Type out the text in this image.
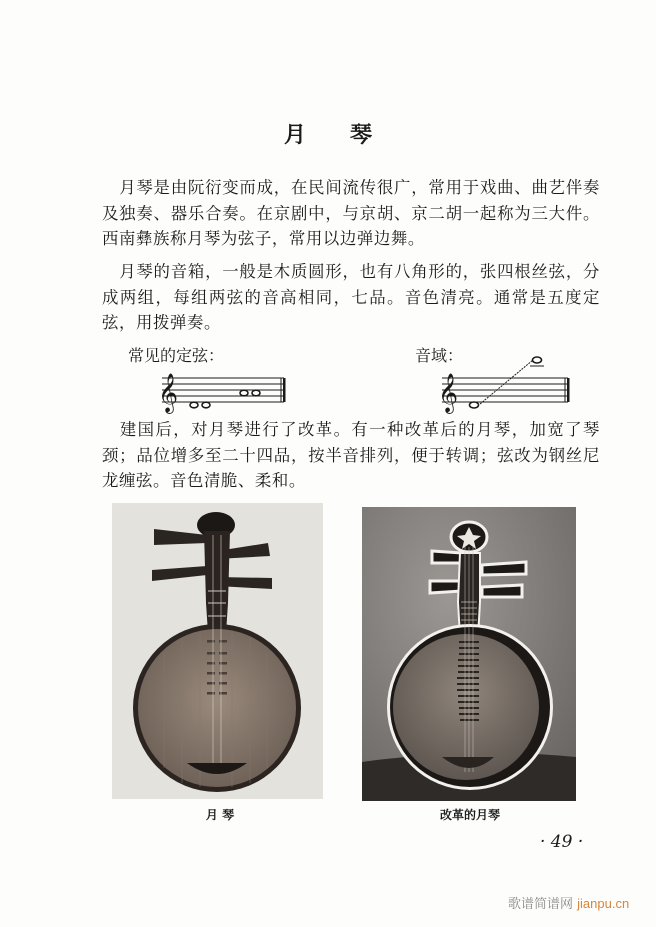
月 琴
月琴是由阮衍变而成，在民间流传很广，常用于戏曲、曲艺伴奏及独奏、器乐合奏。在京剧中，与京胡、京二胡一起称为三大件。西南彝族称月琴为弦子，常用以边弹边舞。
月琴的音箱，一般是木质圆形，也有八角形的，张四根丝弦，分成两组，每组两弦的音高相同，七品。音色清亮。通常是五度定弦，用拨弹奏。
常见的定弦：	音域：
𝄞	𝄞
建国后，对月琴进行了改革。有一种改革后的月琴，加宽了琴颈；品位增多至二十四品，按半音排列，便于转调；弦改为钢丝尼龙缠弦。音色清脆、柔和。
月 琴	改革的月琴
· 49 ·
歌谱简谱网 jianpu.cn
